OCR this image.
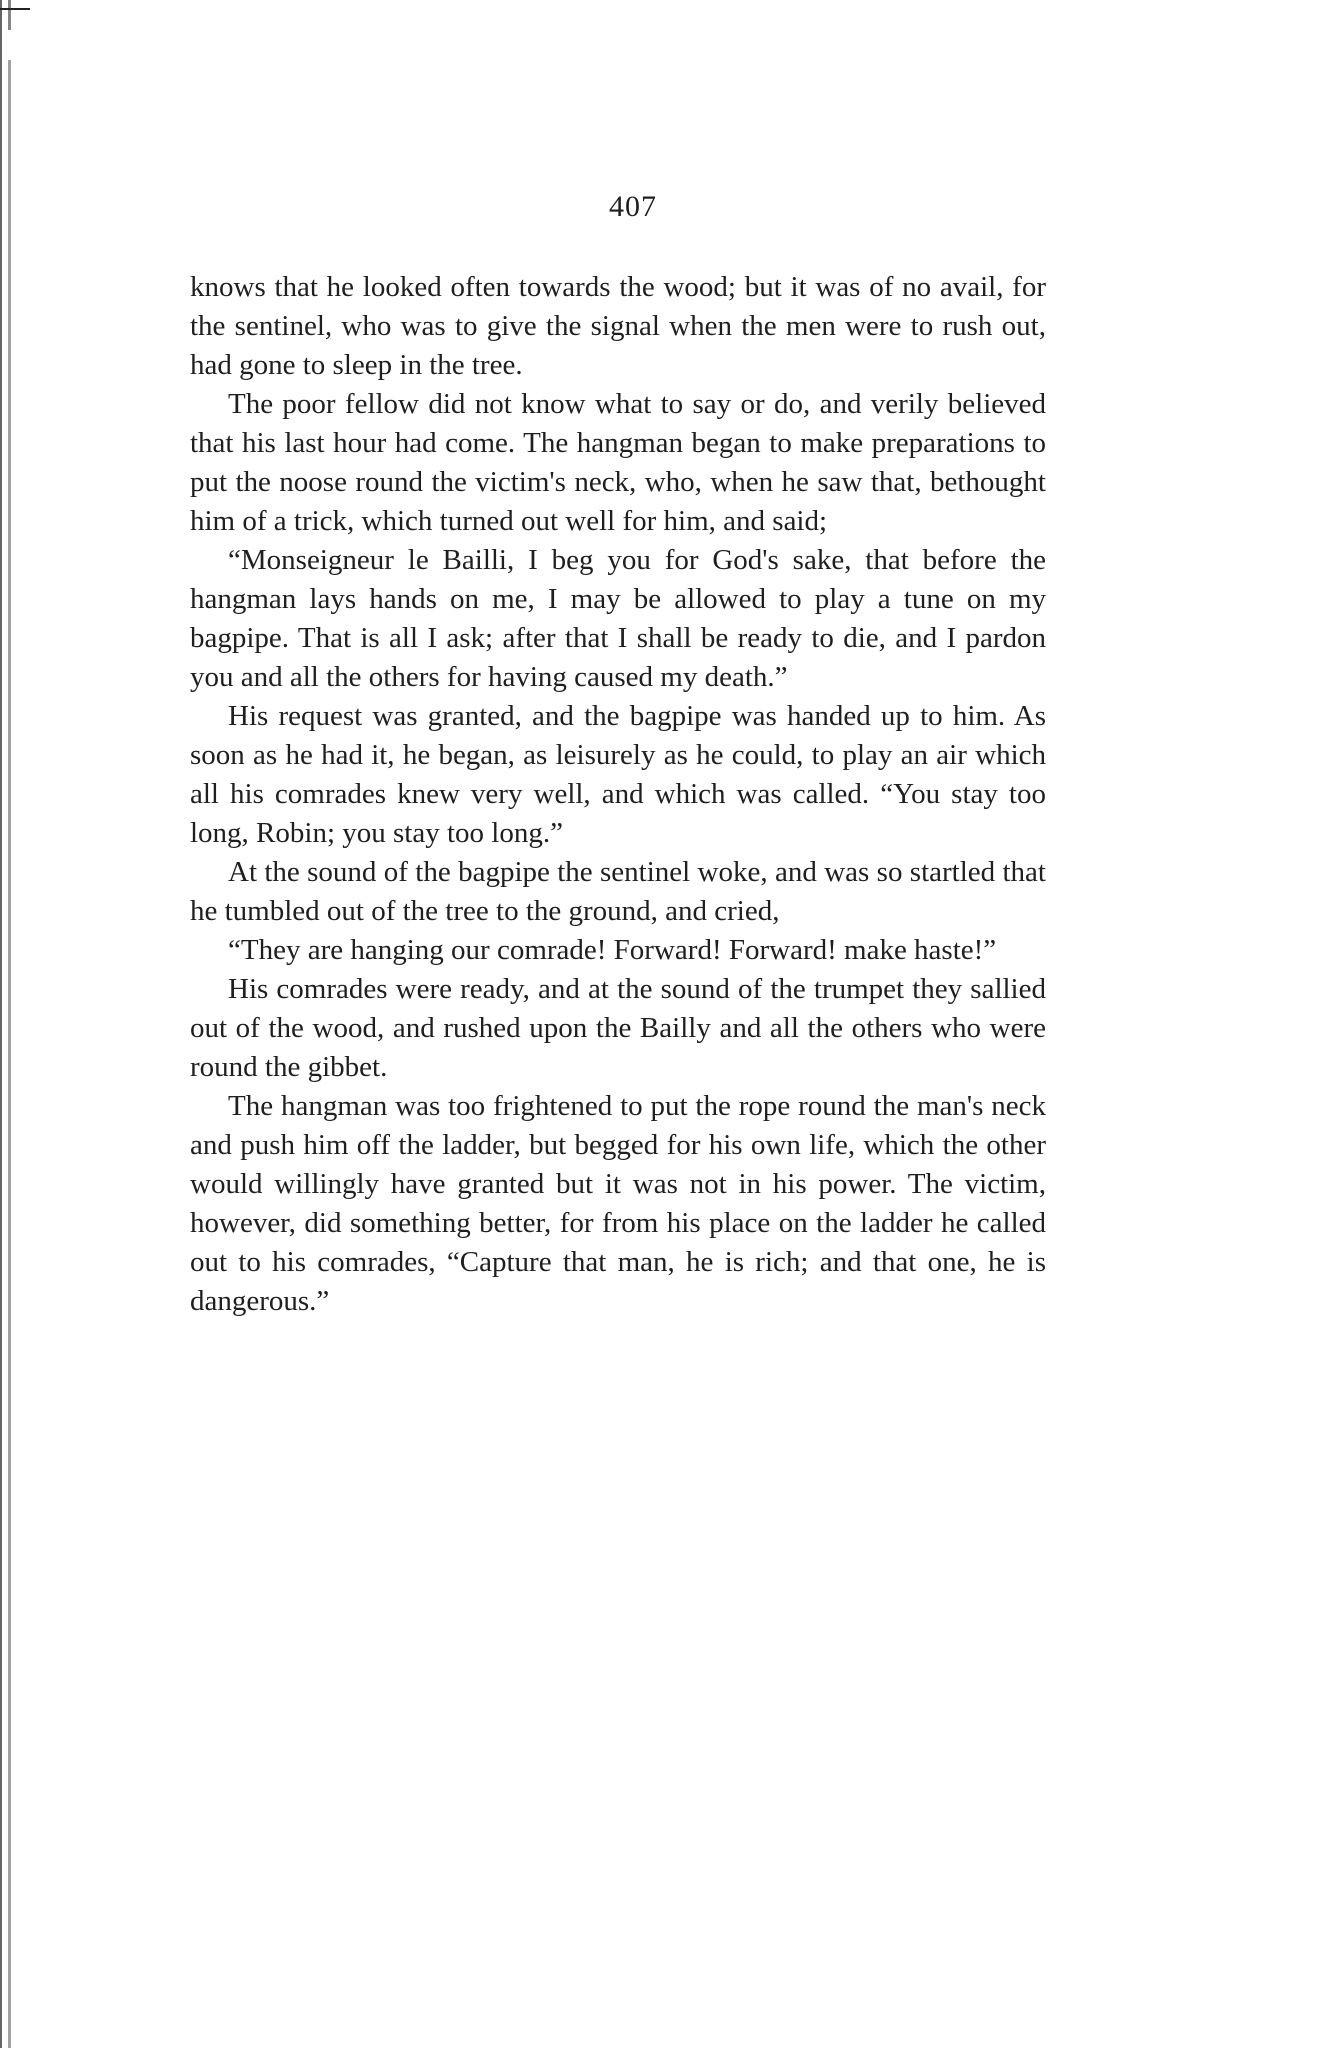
407

knows that he looked often towards the wood; but it was of no avail, for the sentinel, who was to give the signal when the men were to rush out, had gone to sleep in the tree.

The poor fellow did not know what to say or do, and verily believed that his last hour had come. The hangman began to make preparations to put the noose round the victim's neck, who, when he saw that, bethought him of a trick, which turned out well for him, and said;

“Monseigneur le Bailli, I beg you for God's sake, that before the hangman lays hands on me, I may be allowed to play a tune on my bagpipe. That is all I ask; after that I shall be ready to die, and I pardon you and all the others for having caused my death.”

His request was granted, and the bagpipe was handed up to him. As soon as he had it, he began, as leisurely as he could, to play an air which all his comrades knew very well, and which was called. “You stay too long, Robin; you stay too long.”

At the sound of the bagpipe the sentinel woke, and was so startled that he tumbled out of the tree to the ground, and cried,

“They are hanging our comrade! Forward! Forward! make haste!”

His comrades were ready, and at the sound of the trumpet they sallied out of the wood, and rushed upon the Bailly and all the others who were round the gibbet.

The hangman was too frightened to put the rope round the man's neck and push him off the ladder, but begged for his own life, which the other would willingly have granted but it was not in his power. The victim, however, did something better, for from his place on the ladder he called out to his comrades, “Capture that man, he is rich; and that one, he is dangerous.”
